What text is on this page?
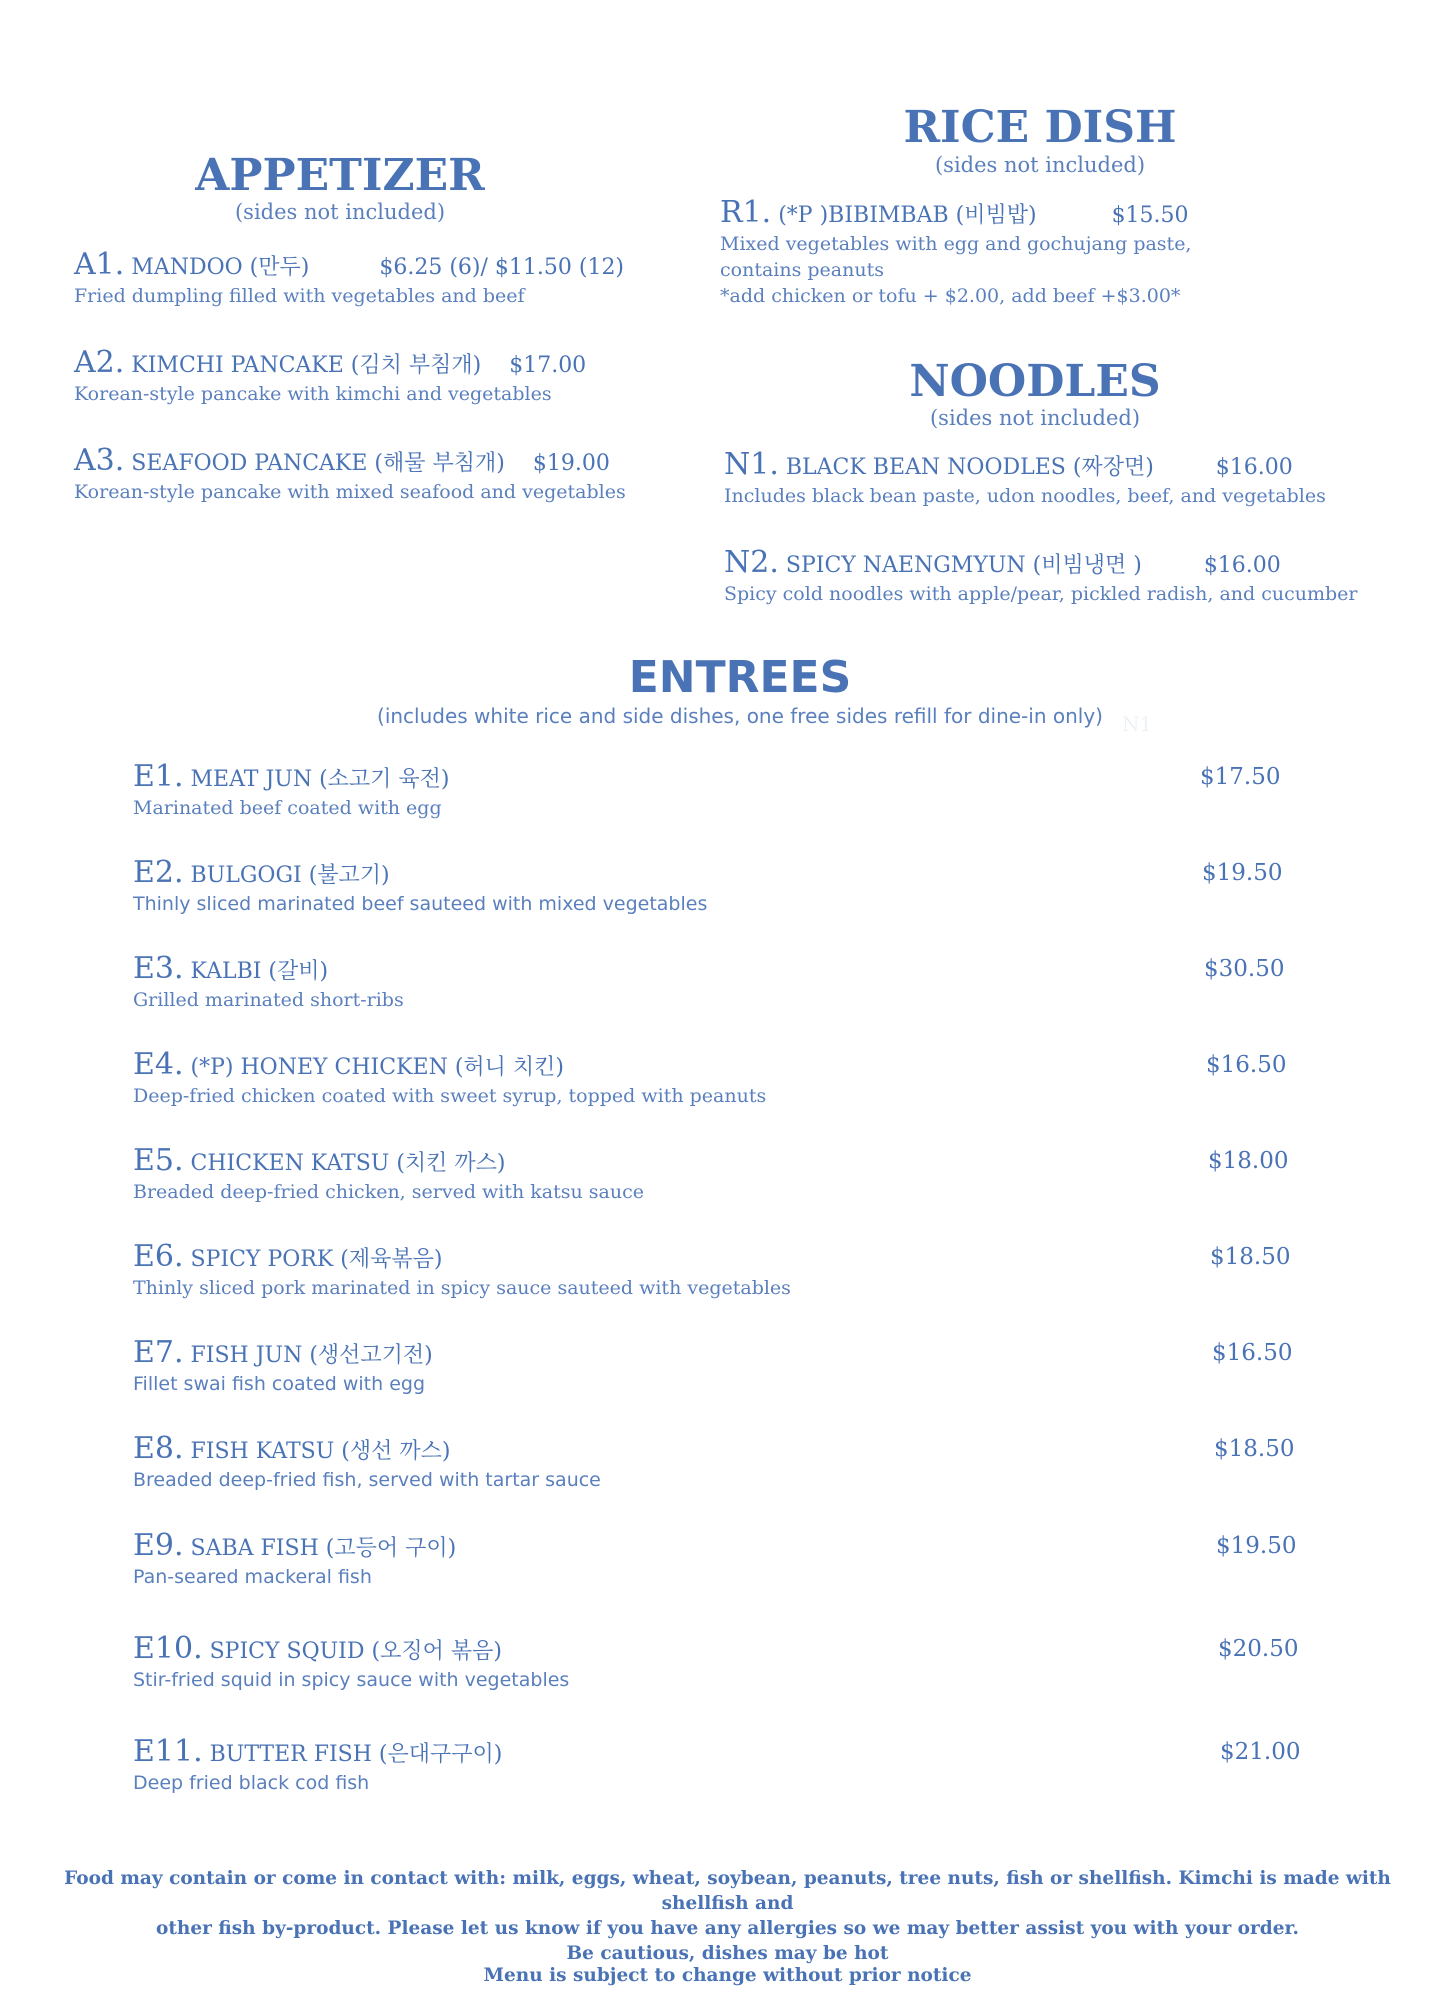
APPETIZER
(sides not included)
A1. MANDOO (만두)	$6.25 (6)/ $11.50 (12)
Fried dumpling filled with vegetables and beef
A2. KIMCHI PANCAKE (김치 부침개) $17.00
Korean-style pancake with kimchi and vegetables
A3. SEAFOOD PANCAKE (해물 부침개) $19.00
Korean-style pancake with mixed seafood and vegetables
RICE DISH
(sides not included)
R1. (*P )BIBIMBAB (비빔밥)	$15.50
Mixed vegetables with egg and gochujang paste,
contains peanuts
*add chicken or tofu + $2.00, add beef +$3.00*
NOODLES
(sides not included)
N1. BLACK BEAN NOODLES (짜장면)	$16.00
Includes black bean paste, udon noodles, beef, and vegetables
N2. SPICY NAENGMYUN (비빔냉면 )	$16.00
Spicy cold noodles with apple/pear, pickled radish, and cucumber
ENTREES
(includes white rice and side dishes, one free sides refill for dine-in only) N1
E1. MEAT JUN (소고기 육전)
Marinated beef coated with egg
$17.50
E2. BULGOGI (불고기)
Thinly sliced marinated beef sauteed with mixed vegetables
$19.50
E3. KALBI (갈비)
Grilled marinated short-ribs
$30.50
E4. (*P) HONEY CHICKEN (허니 치킨)
Deep-fried chicken coated with sweet syrup, topped with peanuts
$16.50
E5. CHICKEN KATSU (치킨 까스)
Breaded deep-fried chicken, served with katsu sauce
$18.00
E6. SPICY PORK (제육볶음)
Thinly sliced pork marinated in spicy sauce sauteed with vegetables
$18.50
E7. FISH JUN (생선고기전)
Fillet swai fish coated with egg
$16.50
E8. FISH KATSU (생선 까스)
Breaded deep-fried fish, served with tartar sauce
$18.50
E9. SABA FISH (고등어 구이)
Pan-seared mackeral fish
$19.50
E10. SPICY SQUID (오징어 볶음)
Stir-fried squid in spicy sauce with vegetables
$20.50
E11. BUTTER FISH (은대구구이)
Deep fried black cod fish
$21.00
Food may contain or come in contact with: milk, eggs, wheat, soybean, peanuts, tree nuts, fish or shellfish. Kimchi is made with shellfish and
other fish by-product. Please let us know if you have any allergies so we may better assist you with your order.
Be cautious, dishes may be hot
Menu is subject to change without prior notice
